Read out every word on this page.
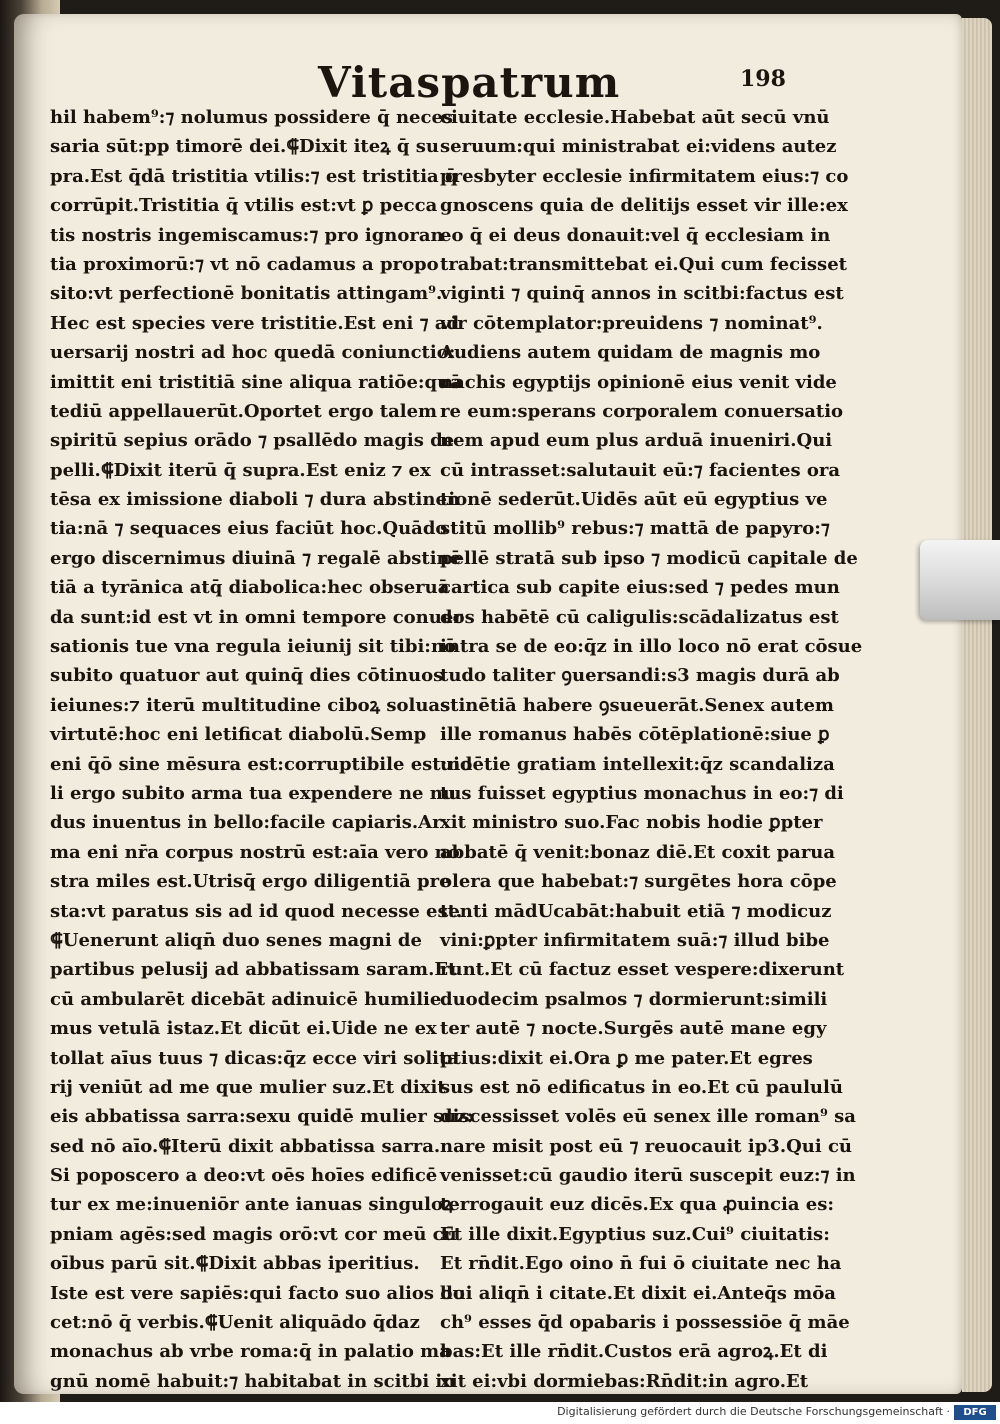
Vitaspatrum	198
hil habem⁹:⁊ nolumus possidere q̄ neces
saria sūt:pp timorē dei.⸿Dixit iteꝝ q̄ su
pra.Est q̄dā tristitia vtilis:⁊ est tristitia q̄
corrūpit.Tristitia q̄ vtilis est:vt ꝑ pecca
tis nostris ingemiscamus:⁊ pro ignoran
tia proximorū:⁊ vt nō cadamus a propo
sito:vt perfectionē bonitatis attingam⁹.
Hec est species vere tristitie.Est eni ⁊ ad
uersarij nostri ad hoc quedā coniunctio:
imittit eni tristitiā sine aliqua ratiōe:quā
tediū appellauerūt.Oportet ergo talem
spiritū sepius orādo ⁊ psallēdo magis de
pelli.⸿Dixit iterū q̄ supra.Est eniz ⁊ ex
tēsa ex imissione diaboli ⁊ dura abstinen
tia:nā ⁊ sequaces eius faciūt hoc.Quādo
ergo discernimus diuinā ⁊ regalē abstinē
tiā a tyrānica atq̄ diabolica:hec obseruā
da sunt:id est vt in omni tempore conuer
sationis tue vna regula ieiunij sit tibi:nō
subito quatuor aut quinq̄ dies cōtinuos
ieiunes:⁊ iterū multitudine ciboꝝ soluas
virtutē:hoc eni letificat diabolū.Semp
eni q̄ō sine mēsura est:corruptibile est:no
li ergo subito arma tua expendere ne nu
dus inuentus in bello:facile capiaris.Ar
ma eni nr̄a corpus nostrū est:aīa vero no
stra miles est.Utrisq̄ ergo diligentiā pre
sta:vt paratus sis ad id quod necesse est.
⸿Uenerunt aliqn̄ duo senes magni de
partibus pelusij ad abbatissam saram.Et
cū ambularēt dicebāt adinuicē humilie
mus vetulā istaz.Et dicūt ei.Uide ne ex
tollat aīus tuus ⁊ dicas:q̄z ecce viri solita
rij veniūt ad me que mulier suz.Et dixit
eis abbatissa sarra:sexu quidē mulier suz:
sed nō aīo.⸿Iterū dixit abbatissa sarra.
Si poposcero a deo:vt oēs hoīes edificē
tur ex me:inueniōr ante ianuas singuloꝝ
pniam agēs:sed magis orō:vt cor meū cū
oībus parū sit.⸿Dixit abbas iperitius.
Iste est vere sapiēs:qui facto suo alios do
cet:nō q̄ verbis.⸿Uenit aliquādo q̄daz
monachus ab vrbe roma:q̄ in palatio ma
gnū nomē habuit:⁊ habitabat in scitbi in
ciuitate ecclesie.Habebat aūt secū vnū
seruum:qui ministrabat ei:videns autez
presbyter ecclesie infirmitatem eius:⁊ co
gnoscens quia de delitijs esset vir ille:ex
eo q̄ ei deus donauit:vel q̄ ecclesiam in
trabat:transmittebat ei.Qui cum fecisset
viginti ⁊ quinq̄ annos in scitbi:factus est
vir cōtemplator:preuidens ⁊ nominat⁹.
Audiens autem quidam de magnis mo
nachis egyptijs opinionē eius venit vide
re eum:sperans corporalem conuersatio
nem apud eum plus arduā inueniri.Qui
cū intrasset:salutauit eū:⁊ facientes ora
tionē sederūt.Uidēs aūt eū egyptius ve
stitū mollib⁹ rebus:⁊ mattā de papyro:⁊
pellē stratā sub ipso ⁊ modicū capitale de
cartica sub capite eius:sed ⁊ pedes mun
dos habētē cū caligulis:scādalizatus est
intra se de eo:q̄z in illo loco nō erat cōsue
tudo taliter ꝯuersandi:s3 magis durā ab
stinētiā habere ꝯsueuerāt.Senex autem
ille romanus habēs cōtēplationē:siue ꝑ
uidētie gratiam intellexit:q̄z scandaliza
tus fuisset egyptius monachus in eo:⁊ di
xit ministro suo.Fac nobis hodie ꝑpter
abbatē q̄ venit:bonaz diē.Et coxit parua
olera que habebat:⁊ surgētes hora cōpe
tenti mādUcabāt:habuit etiā ⁊ modicuz
vini:ꝑpter infirmitatem suā:⁊ illud bibe
runt.Et cū factuz esset vespere:dixerunt
duodecim psalmos ⁊ dormierunt:simili
ter autē ⁊ nocte.Surgēs autē mane egy
ptius:dixit ei.Ora ꝑ me pater.Et egres
sus est nō edificatus in eo.Et cū paululū
discessisset volēs eū senex ille roman⁹ sa
nare misit post eū ⁊ reuocauit ip3.Qui cū
venisset:cū gaudio iterū suscepit euz:⁊ in
terrogauit euz dicēs.Ex qua ꝓuincia es:
Et ille dixit.Egyptius suz.Cui⁹ ciuitatis:
Et rn̄dit.Ego oino n̄ fui ō ciuitate nec ha
bui aliqn̄ i citate.Et dixit ei.Anteq̄s mōa
ch⁹ esses q̄d opabaris i possessiōe q̄ māe
bas:Et ille rn̄dit.Custos erā agroꝝ.Et di
xit ei:vbi dormiebas:Rn̄dit:in agro.Et
Digitalisierung gefördert durch die Deutsche Forschungsgemeinschaft ·	DFG
